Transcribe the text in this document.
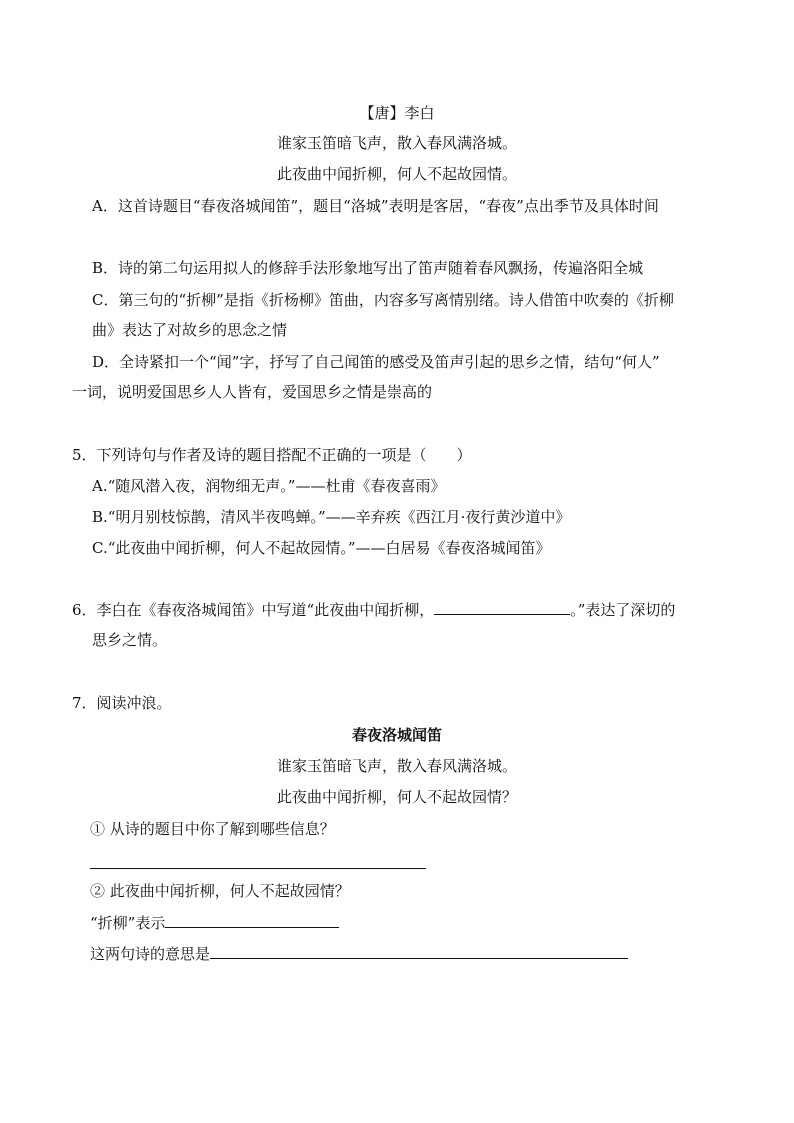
【唐】李白
谁家玉笛暗飞声，散入春风满洛城。
此夜曲中闻折柳，何人不起故园情。
A．这首诗题目“春夜洛城闻笛”，题目“洛城”表明是客居，“春夜”点出季节及具体时间
B．诗的第二句运用拟人的修辞手法形象地写出了笛声随着春风飘扬，传遍洛阳全城
C．第三句的“折柳”是指《折杨柳》笛曲，内容多写离情别绪。诗人借笛中吹奏的《折柳
曲》表达了对故乡的思念之情
D．全诗紧扣一个“闻”字，抒写了自己闻笛的感受及笛声引起的思乡之情，结句“何人”
一词，说明爱国思乡人人皆有，爱国思乡之情是崇高的
5．下列诗句与作者及诗的题目搭配不正确的一项是（　　）
A.“随风潜入夜，润物细无声。”——杜甫《春夜喜雨》
B.“明月别枝惊鹊，清风半夜鸣蝉。”——辛弃疾《西江月·夜行黄沙道中》
C.“此夜曲中闻折柳，何人不起故园情。”——白居易《春夜洛城闻笛》
6．李白在《春夜洛城闻笛》中写道“此夜曲中闻折柳，	。”表达了深切的
思乡之情。
7．阅读冲浪。
春夜洛城闻笛
谁家玉笛暗飞声，散入春风满洛城。
此夜曲中闻折柳，何人不起故园情？
① 从诗的题目中你了解到哪些信息？
② 此夜曲中闻折柳，何人不起故园情？
“折柳”表示
这两句诗的意思是
